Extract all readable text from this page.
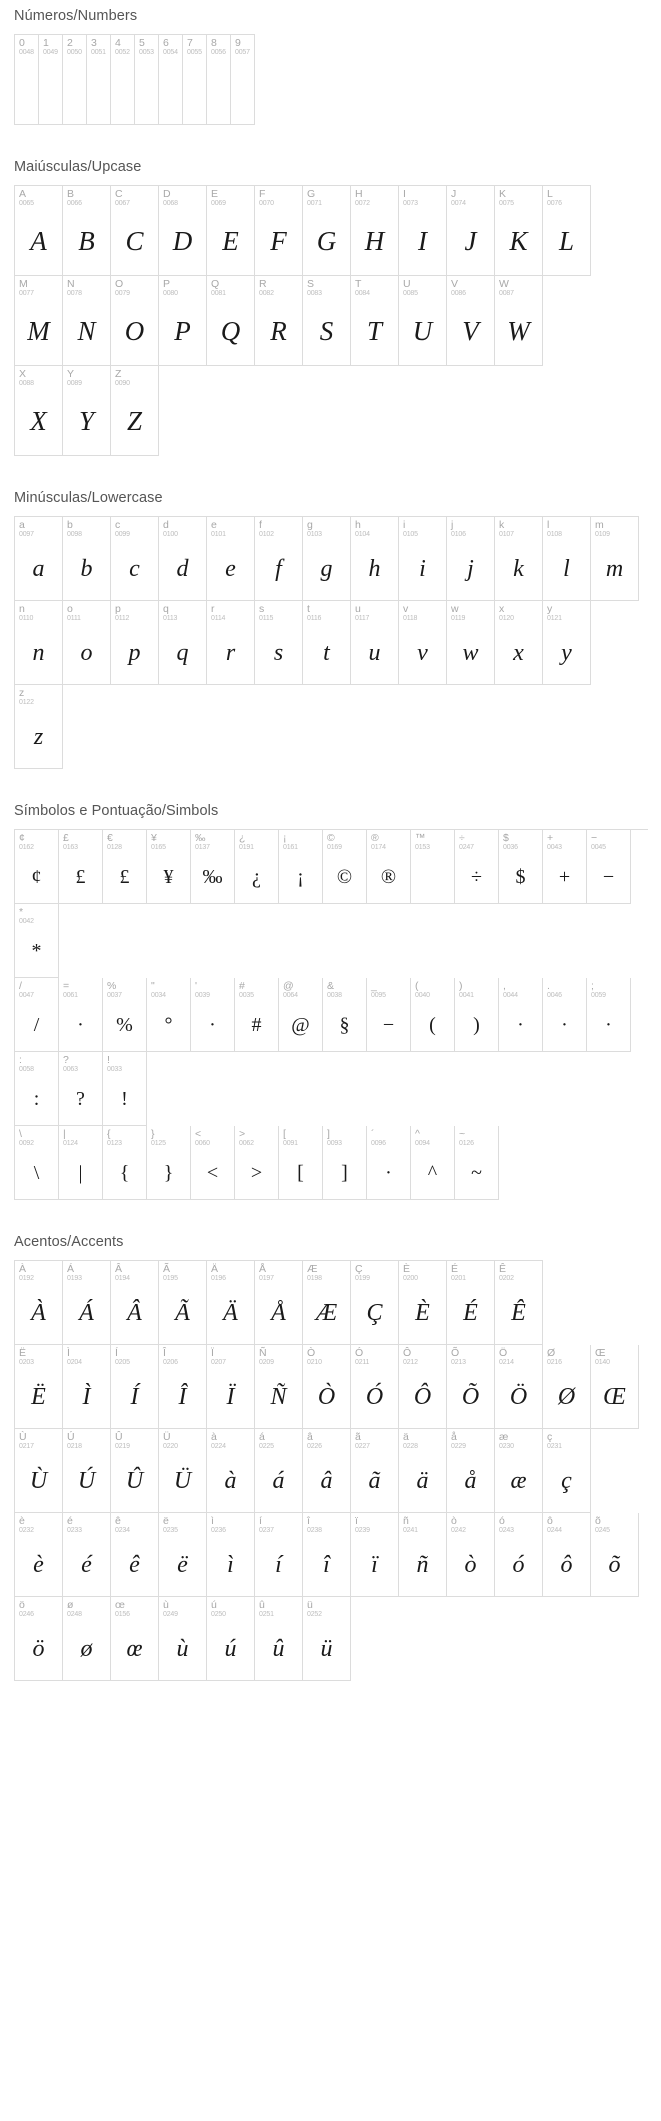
Números/Numbers
0
0048
1
0049
2
0050
3
0051
4
0052
5
0053
6
0054
7
0055
8
0056
9
0057
Maiúsculas/Upcase
A
0065
A
B
0066
B
C
0067
C
D
0068
D
E
0069
E
F
0070
F
G
0071
G
H
0072
H
I
0073
I
J
0074
J
K
0075
K
L
0076
L
M
0077
M
N
0078
N
O
0079
O
P
0080
P
Q
0081
Q
R
0082
R
S
0083
S
T
0084
T
U
0085
U
V
0086
V
W
0087
W
X
0088
X
Y
0089
Y
Z
0090
Z
Minúsculas/Lowercase
a
0097
a
b
0098
b
c
0099
c
d
0100
d
e
0101
e
f
0102
f
g
0103
g
h
0104
h
i
0105
i
j
0106
j
k
0107
k
l
0108
l
m
0109
m
n
0110
n
o
0111
o
p
0112
p
q
0113
q
r
0114
r
s
0115
s
t
0116
t
u
0117
u
v
0118
v
w
0119
w
x
0120
x
y
0121
y
z
0122
z
Símbolos e Pontuação/Simbols
¢
0162
¢
£
0163
£
€
0128
£
¥
0165
¥
‰
0137
‰
¿
0191
¿
¡
0161
¡
©
0169
©
®
0174
®
™
0153
÷
0247
÷
$
0036
$
+
0043
+
−
0045
−
*
0042
*
/
0047
/
=
0061
·
%
0037
%
"
0034
°
'
0039
·
#
0035
#
@
0064
@
&
0038
§
_
0095
−
(
0040
(
)
0041
)
,
0044
·
.
0046
·
;
0059
·
:
0058
:
?
0063
?
!
0033
!
\
0092
\
|
0124
|
{
0123
{
}
0125
}
<
0060
<
>
0062
>
[
0091
[
]
0093
]
´
0096
·
^
0094
^
~
0126
~
Acentos/Accents
À
0192
À
Á
0193
Á
Â
0194
Â
Ã
0195
Ã
Ä
0196
Ä
Å
0197
Å
Æ
0198
Æ
Ç
0199
Ç
È
0200
È
É
0201
É
Ê
0202
Ê
Ë
0203
Ë
Ì
0204
Ì
Í
0205
Í
Î
0206
Î
Ï
0207
Ï
Ñ
0209
Ñ
Ò
0210
Ò
Ó
0211
Ó
Ô
0212
Ô
Õ
0213
Õ
Ö
0214
Ö
Ø
0216
Ø
Œ
0140
Œ
Ù
0217
Ù
Ú
0218
Ú
Û
0219
Û
Ü
0220
Ü
à
0224
à
á
0225
á
â
0226
â
ã
0227
ã
ä
0228
ä
å
0229
å
æ
0230
æ
ç
0231
ç
è
0232
è
é
0233
é
ê
0234
ê
ë
0235
ë
ì
0236
ì
í
0237
í
î
0238
î
ï
0239
ï
ñ
0241
ñ
ò
0242
ò
ó
0243
ó
ô
0244
ô
õ
0245
õ
ö
0246
ö
ø
0248
ø
œ
0156
œ
ù
0249
ù
ú
0250
ú
û
0251
û
ü
0252
ü
